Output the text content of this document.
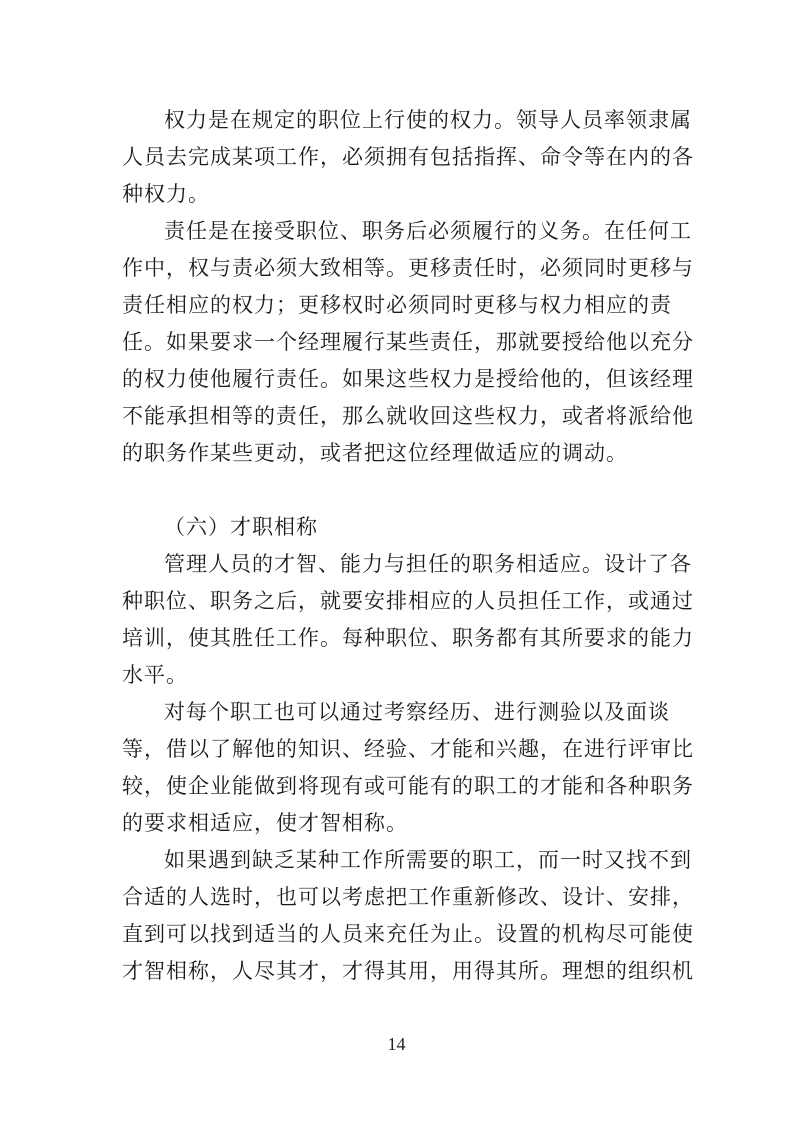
权力是在规定的职位上行使的权力。领导人员率领隶属
人员去完成某项工作，必须拥有包括指挥、命令等在内的各
种权力。
责任是在接受职位、职务后必须履行的义务。在任何工
作中，权与责必须大致相等。更移责任时，必须同时更移与
责任相应的权力；更移权时必须同时更移与权力相应的责
任。如果要求一个经理履行某些责任，那就要授给他以充分
的权力使他履行责任。如果这些权力是授给他的，但该经理
不能承担相等的责任，那么就收回这些权力，或者将派给他
的职务作某些更动，或者把这位经理做适应的调动。
（六）才职相称
管理人员的才智、能力与担任的职务相适应。设计了各
种职位、职务之后，就要安排相应的人员担任工作，或通过
培训，使其胜任工作。每种职位、职务都有其所要求的能力
水平。
对每个职工也可以通过考察经历、进行测验以及面谈
等，借以了解他的知识、经验、才能和兴趣，在进行评审比
较，使企业能做到将现有或可能有的职工的才能和各种职务
的要求相适应，使才智相称。
如果遇到缺乏某种工作所需要的职工，而一时又找不到
合适的人选时，也可以考虑把工作重新修改、设计、安排，
直到可以找到适当的人员来充任为止。设置的机构尽可能使
才智相称，人尽其才，才得其用，用得其所。理想的组织机
14
